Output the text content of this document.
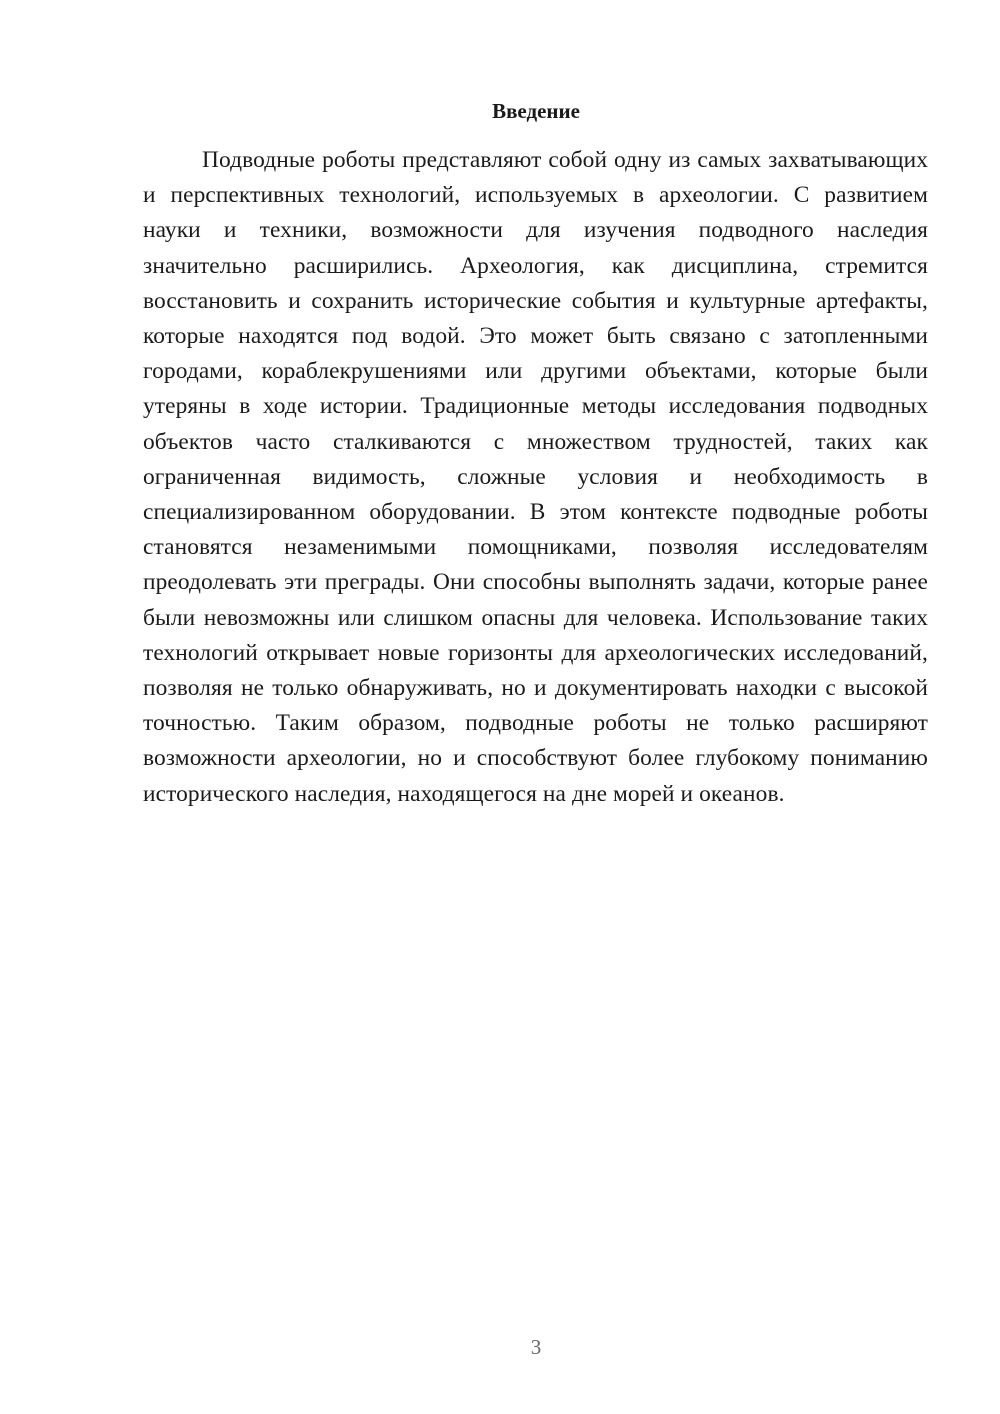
Введение

Подводные роботы представляют собой одну из самых захватывающих и перспективных технологий, используемых в археологии. С развитием науки и техники, возможности для изучения подводного наследия значительно расширились. Археология, как дисциплина, стремится восстановить и сохранить исторические события и культурные артефакты, которые находятся под водой. Это может быть связано с затопленными городами, кораблекрушениями или другими объектами, которые были утеряны в ходе истории. Традиционные методы исследования подводных объектов часто сталкиваются с множеством трудностей, таких как ограниченная видимость, сложные условия и необходимость в специализированном оборудовании. В этом контексте подводные роботы становятся незаменимыми помощниками, позволяя исследователям преодолевать эти преграды. Они способны выполнять задачи, которые ранее были невозможны или слишком опасны для человека. Использование таких технологий открывает новые горизонты для археологических исследований, позволяя не только обнаруживать, но и документировать находки с высокой точностью. Таким образом, подводные роботы не только расширяют возможности археологии, но и способствуют более глубокому пониманию исторического наследия, находящегося на дне морей и океанов.

3
